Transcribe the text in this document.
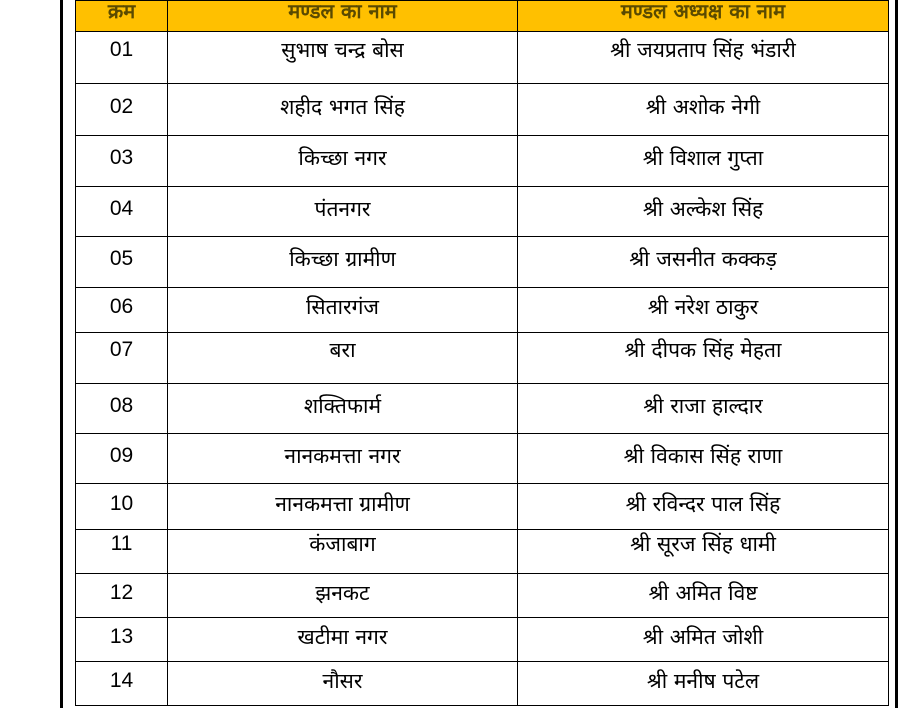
क्रम	मण्डल का नाम	मण्डल अध्यक्ष का नाम
01	सुभाष चन्द्र बोस	श्री जयप्रताप सिंह भंडारी
02	शहीद भगत सिंह	श्री अशोक नेगी
03	किच्छा नगर	श्री विशाल गुप्ता
04	पंतनगर	श्री अल्केश सिंह
05	किच्छा ग्रामीण	श्री जसनीत कक्कड़
06	सितारगंज	श्री नरेश ठाकुर
07	बरा	श्री दीपक सिंह मेहता
08	शक्तिफार्म	श्री राजा हाल्दार
09	नानकमत्ता नगर	श्री विकास सिंह राणा
10	नानकमत्ता ग्रामीण	श्री रविन्दर पाल सिंह
11	कंजाबाग	श्री सूरज सिंह धामी
12	झनकट	श्री अमित विष्ट
13	खटीमा नगर	श्री अमित जोशी
14	नौसर	श्री मनीष पटेल
